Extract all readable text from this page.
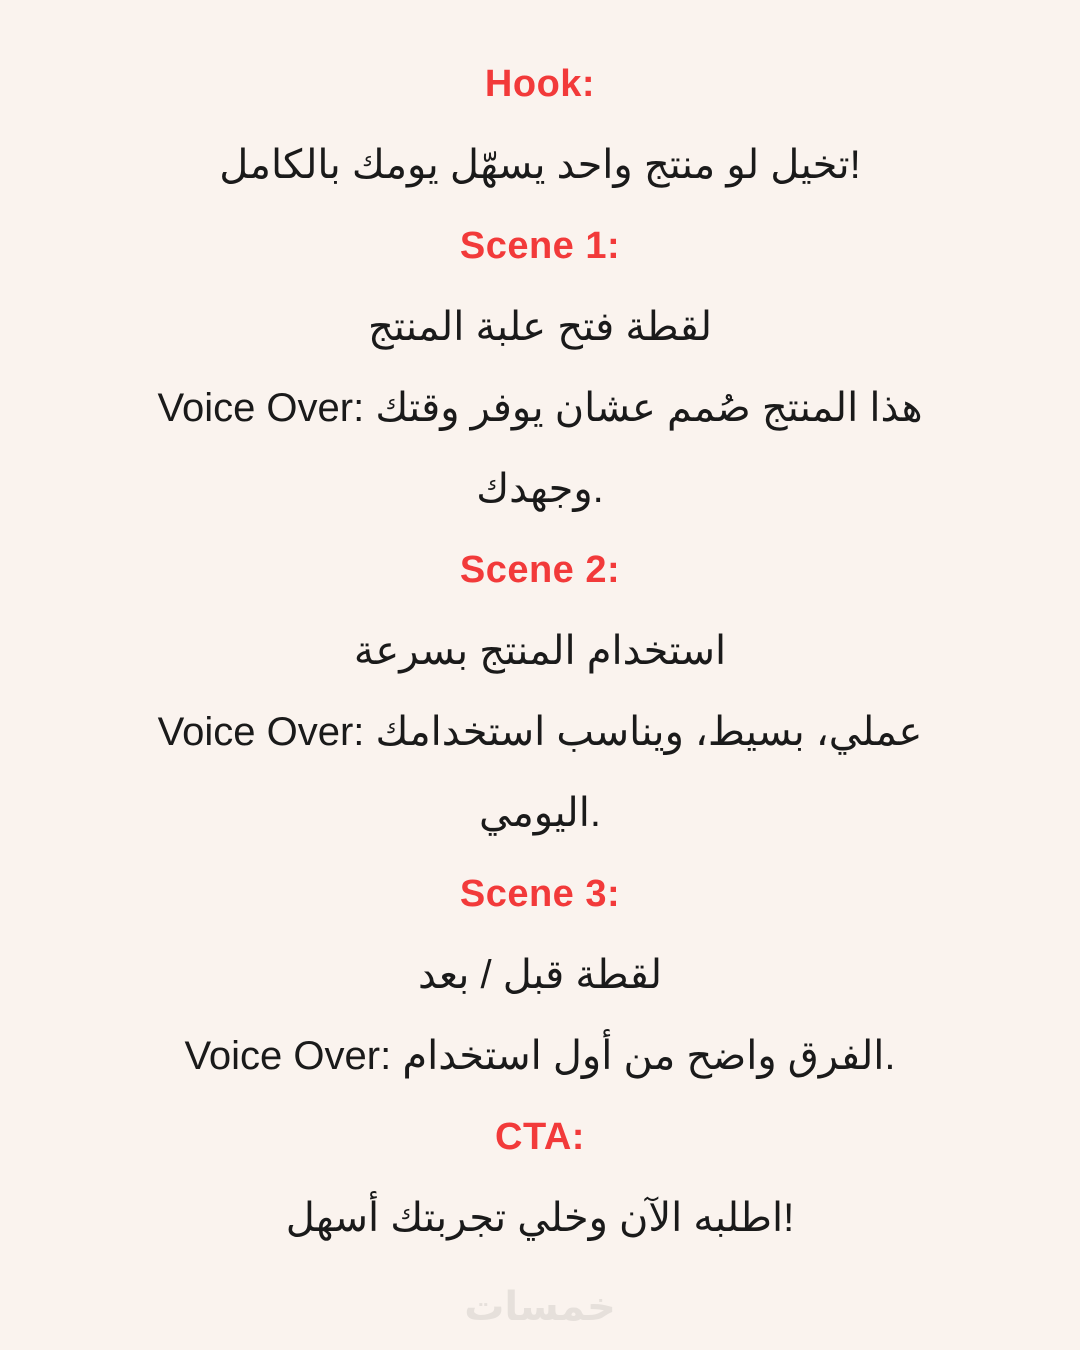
Hook:
تخيل لو منتج واحد يسهّل يومك بالكامل!
Scene 1:
لقطة فتح علبة المنتج
Voice Over: هذا المنتج صُمم عشان يوفر وقتك
وجهدك.
Scene 2:
استخدام المنتج بسرعة
Voice Over: عملي، بسيط، ويناسب استخدامك
اليومي.
Scene 3:
لقطة قبل / بعد
Voice Over: الفرق واضح من أول استخدام.
CTA:
اطلبه الآن وخلي تجربتك أسهل!
خمسات
